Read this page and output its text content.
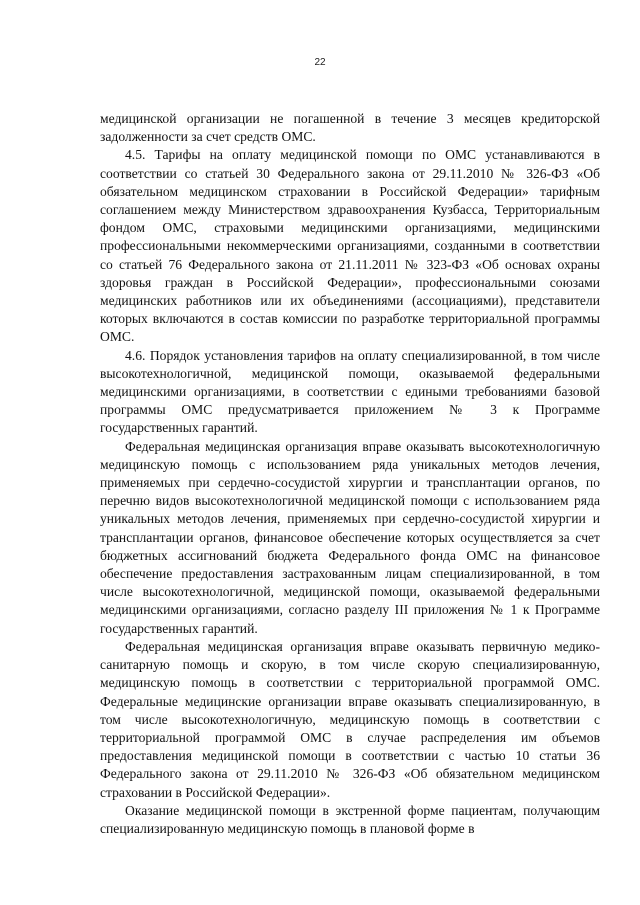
22

медицинской организации не погашенной в течение 3 месяцев кредиторской задолженности за счет средств ОМС.

4.5. Тарифы на оплату медицинской помощи по ОМС устанавливаются в соответствии со статьей 30 Федерального закона от 29.11.2010 № 326-ФЗ «Об обязательном медицинском страховании в Российской Федерации» тарифным соглашением между Министерством здравоохранения Кузбасса, Территориальным фондом ОМС, страховыми медицинскими организациями, медицинскими профессиональными некоммерческими организациями, созданными в соответствии со статьей 76 Федерального закона от 21.11.2011 № 323-ФЗ «Об основах охраны здоровья граждан в Российской Федерации», профессиональными союзами медицинских работников или их объединениями (ассоциациями), представители которых включаются в состав комиссии по разработке территориальной программы ОМС.

4.6. Порядок установления тарифов на оплату специализированной, в том числе высокотехнологичной, медицинской помощи, оказываемой федеральными медицинскими организациями, в соответствии с едиными требованиями базовой программы ОМС предусматривается приложением № 3 к Программе государственных гарантий.

Федеральная медицинская организация вправе оказывать высокотехнологичную медицинскую помощь с использованием ряда уникальных методов лечения, применяемых при сердечно-сосудистой хирургии и трансплантации органов, по перечню видов высокотехнологичной медицинской помощи с использованием ряда уникальных методов лечения, применяемых при сердечно-сосудистой хирургии и трансплантации органов, финансовое обеспечение которых осуществляется за счет бюджетных ассигнований бюджета Федерального фонда ОМС на финансовое обеспечение предоставления застрахованным лицам специализированной, в том числе высокотехнологичной, медицинской помощи, оказываемой федеральными медицинскими организациями, согласно разделу III приложения № 1 к Программе государственных гарантий.

Федеральная медицинская организация вправе оказывать первичную медико-санитарную помощь и скорую, в том числе скорую специализированную, медицинскую помощь в соответствии с территориальной программой ОМС. Федеральные медицинские организации вправе оказывать специализированную, в том числе высокотехнологичную, медицинскую помощь в соответствии с территориальной программой ОМС в случае распределения им объемов предоставления медицинской помощи в соответствии с частью 10 статьи 36 Федерального закона от 29.11.2010 № 326-ФЗ «Об обязательном медицинском страховании в Российской Федерации».

Оказание медицинской помощи в экстренной форме пациентам, получающим специализированную медицинскую помощь в плановой форме в
